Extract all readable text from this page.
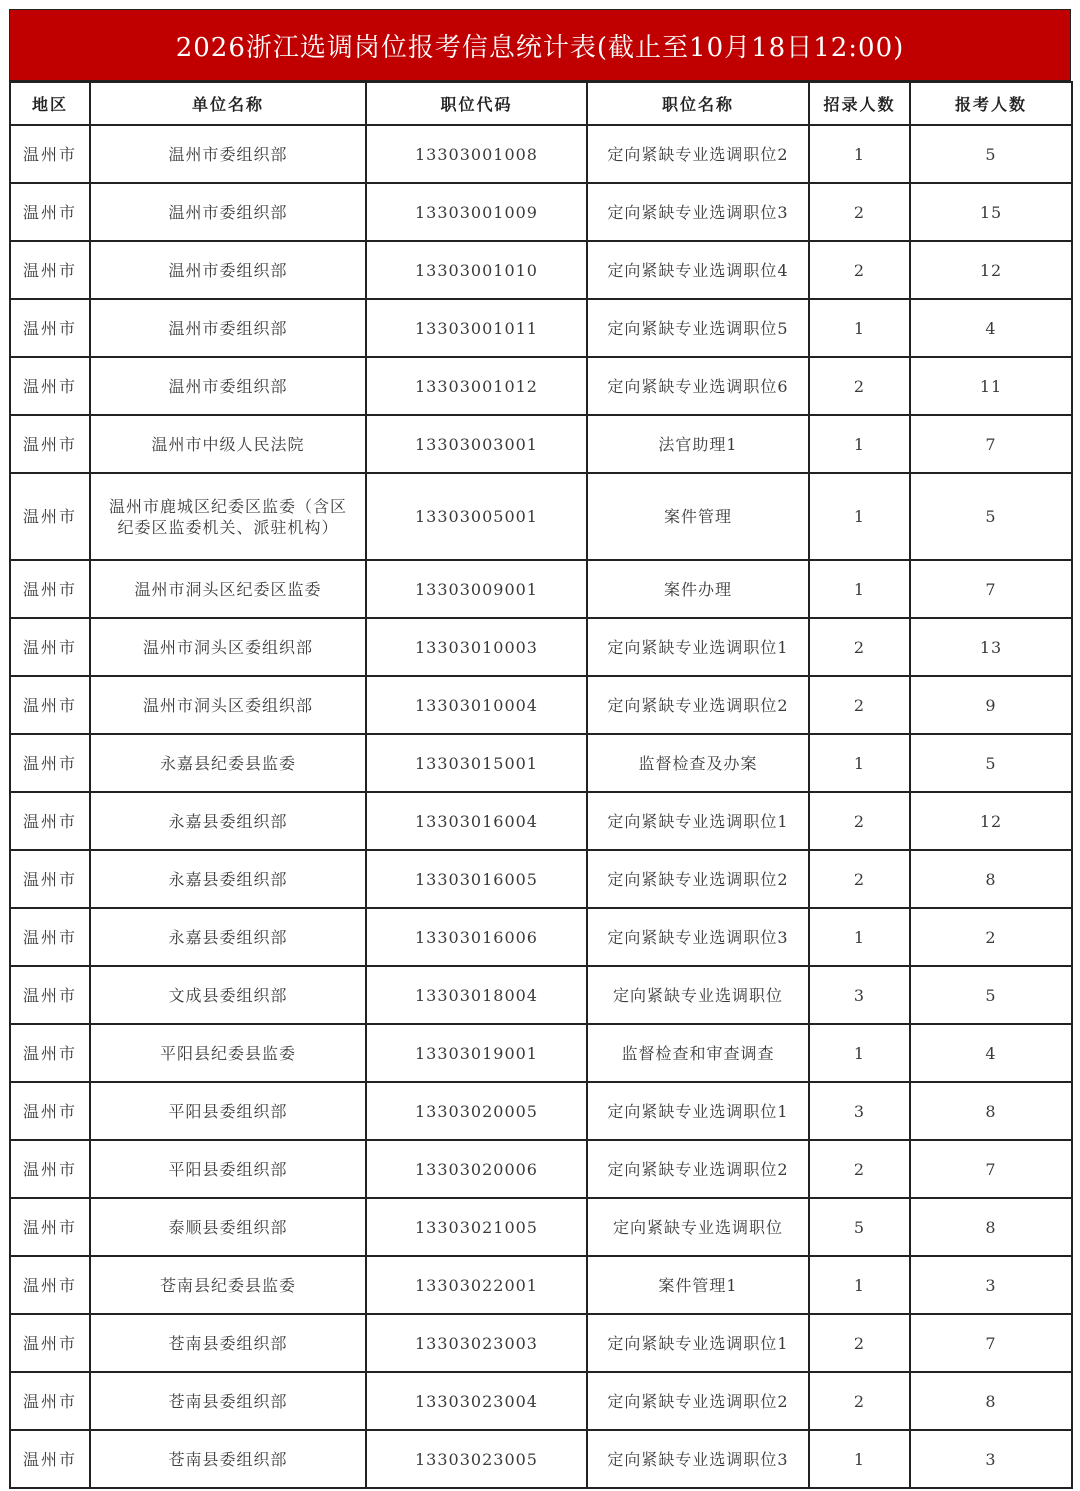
2026浙江选调岗位报考信息统计表(截止至10月18日12:00)
地区	单位名称	职位代码	职位名称	招录人数	报考人数
温州市	温州市委组织部	13303001008	定向紧缺专业选调职位2	1	5
温州市	温州市委组织部	13303001009	定向紧缺专业选调职位3	2	15
温州市	温州市委组织部	13303001010	定向紧缺专业选调职位4	2	12
温州市	温州市委组织部	13303001011	定向紧缺专业选调职位5	1	4
温州市	温州市委组织部	13303001012	定向紧缺专业选调职位6	2	11
温州市	温州市中级人民法院	13303003001	法官助理1	1	7
温州市	温州市鹿城区纪委区监委（含区纪委区监委机关、派驻机构）	13303005001	案件管理	1	5
温州市	温州市洞头区纪委区监委	13303009001	案件办理	1	7
温州市	温州市洞头区委组织部	13303010003	定向紧缺专业选调职位1	2	13
温州市	温州市洞头区委组织部	13303010004	定向紧缺专业选调职位2	2	9
温州市	永嘉县纪委县监委	13303015001	监督检查及办案	1	5
温州市	永嘉县委组织部	13303016004	定向紧缺专业选调职位1	2	12
温州市	永嘉县委组织部	13303016005	定向紧缺专业选调职位2	2	8
温州市	永嘉县委组织部	13303016006	定向紧缺专业选调职位3	1	2
温州市	文成县委组织部	13303018004	定向紧缺专业选调职位	3	5
温州市	平阳县纪委县监委	13303019001	监督检查和审查调查	1	4
温州市	平阳县委组织部	13303020005	定向紧缺专业选调职位1	3	8
温州市	平阳县委组织部	13303020006	定向紧缺专业选调职位2	2	7
温州市	泰顺县委组织部	13303021005	定向紧缺专业选调职位	5	8
温州市	苍南县纪委县监委	13303022001	案件管理1	1	3
温州市	苍南县委组织部	13303023003	定向紧缺专业选调职位1	2	7
温州市	苍南县委组织部	13303023004	定向紧缺专业选调职位2	2	8
温州市	苍南县委组织部	13303023005	定向紧缺专业选调职位3	1	3
